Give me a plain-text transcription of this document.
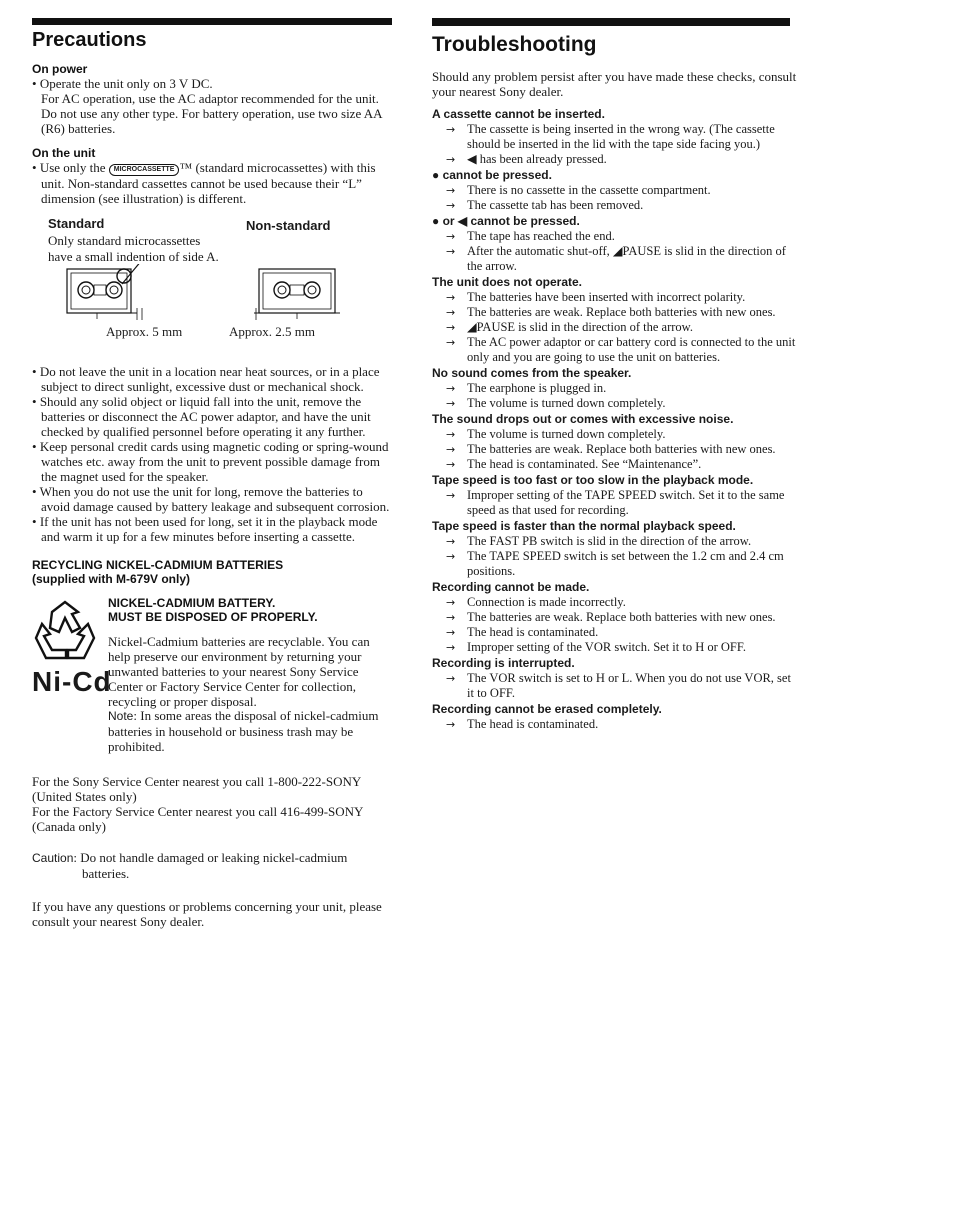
Precautions
On power
• Operate the unit only on 3 V DC.

For AC operation, use the AC adaptor recommended for the unit. Do not use any other type. For battery operation, use two size AA (R6) batteries.

On the unit

• Use only the MICROCASSETTE ™ (standard microcassettes) with this unit. Non-standard cassettes cannot be used because their “L” dimension (see illustration) is different.

Standard	Non-standard
Only standard microcassettes
have a small indention of side A.
Approx. 5 mm	Approx. 2.5 mm
• Do not leave the unit in a location near heat sources, or in a place subject to direct sunlight, excessive dust or mechanical shock.
• Should any solid object or liquid fall into the unit, remove the batteries or disconnect the AC power adaptor, and have the unit checked by qualified personnel before operating it any further.
• Keep personal credit cards using magnetic coding or spring-wound watches etc. away from the unit to prevent possible damage from the magnet used for the speaker.
• When you do not use the unit for long, remove the batteries to avoid damage caused by battery leakage and subsequent corrosion.
• If the unit has not been used for long, set it in the playback mode and warm it up for a few minutes before inserting a cassette.
RECYCLING NICKEL-CADMIUM BATTERIES
(supplied with M-679V only)
Ni-Cd
NICKEL-CADMIUM BATTERY.
MUST BE DISPOSED OF PROPERLY.

Nickel-Cadmium batteries are recyclable. You can help preserve our environment by returning your unwanted batteries to your nearest Sony Service Center or Factory Service Center for collection, recycling or proper disposal.

Note: In some areas the disposal of nickel-cadmium batteries in household or business trash may be prohibited.

For the Sony Service Center nearest you call 1-800-222-SONY (United States only)

For the Factory Service Center nearest you call 416-499-SONY (Canada only)

Caution: Do not handle damaged or leaking nickel-cadmium batteries.

If you have any questions or problems concerning your unit, please consult your nearest Sony dealer.

Troubleshooting

Should any problem persist after you have made these checks, consult your nearest Sony dealer.

A cassette cannot be inserted.
→ The cassette is being inserted in the wrong way. (The cassette should be inserted in the lid with the tape side facing you.)
→ ◀ has been already pressed.
● cannot be pressed.
→ There is no cassette in the cassette compartment.
→ The cassette tab has been removed.
● or ◀ cannot be pressed.
→ The tape has reached the end.
→ After the automatic shut-off, ◢PAUSE is slid in the direction of the arrow.
The unit does not operate.
→ The batteries have been inserted with incorrect polarity.
→ The batteries are weak. Replace both batteries with new ones.
→ ◢PAUSE is slid in the direction of the arrow.
→ The AC power adaptor or car battery cord is connected to the unit only and you are going to use the unit on batteries.
No sound comes from the speaker.
→ The earphone is plugged in.
→ The volume is turned down completely.
The sound drops out or comes with excessive noise.
→ The volume is turned down completely.
→ The batteries are weak. Replace both batteries with new ones.
→ The head is contaminated. See “Maintenance”.
Tape speed is too fast or too slow in the playback mode.
→ Improper setting of the TAPE SPEED switch. Set it to the same speed as that used for recording.
Tape speed is faster than the normal playback speed.
→ The FAST PB switch is slid in the direction of the arrow.
→ The TAPE SPEED switch is set between the 1.2 cm and 2.4 cm positions.
Recording cannot be made.
→ Connection is made incorrectly.
→ The batteries are weak. Replace both batteries with new ones.
→ The head is contaminated.
→ Improper setting of the VOR switch. Set it to H or OFF.
Recording is interrupted.
→ The VOR switch is set to H or L. When you do not use VOR, set it to OFF.
Recording cannot be erased completely.
→ The head is contaminated.
